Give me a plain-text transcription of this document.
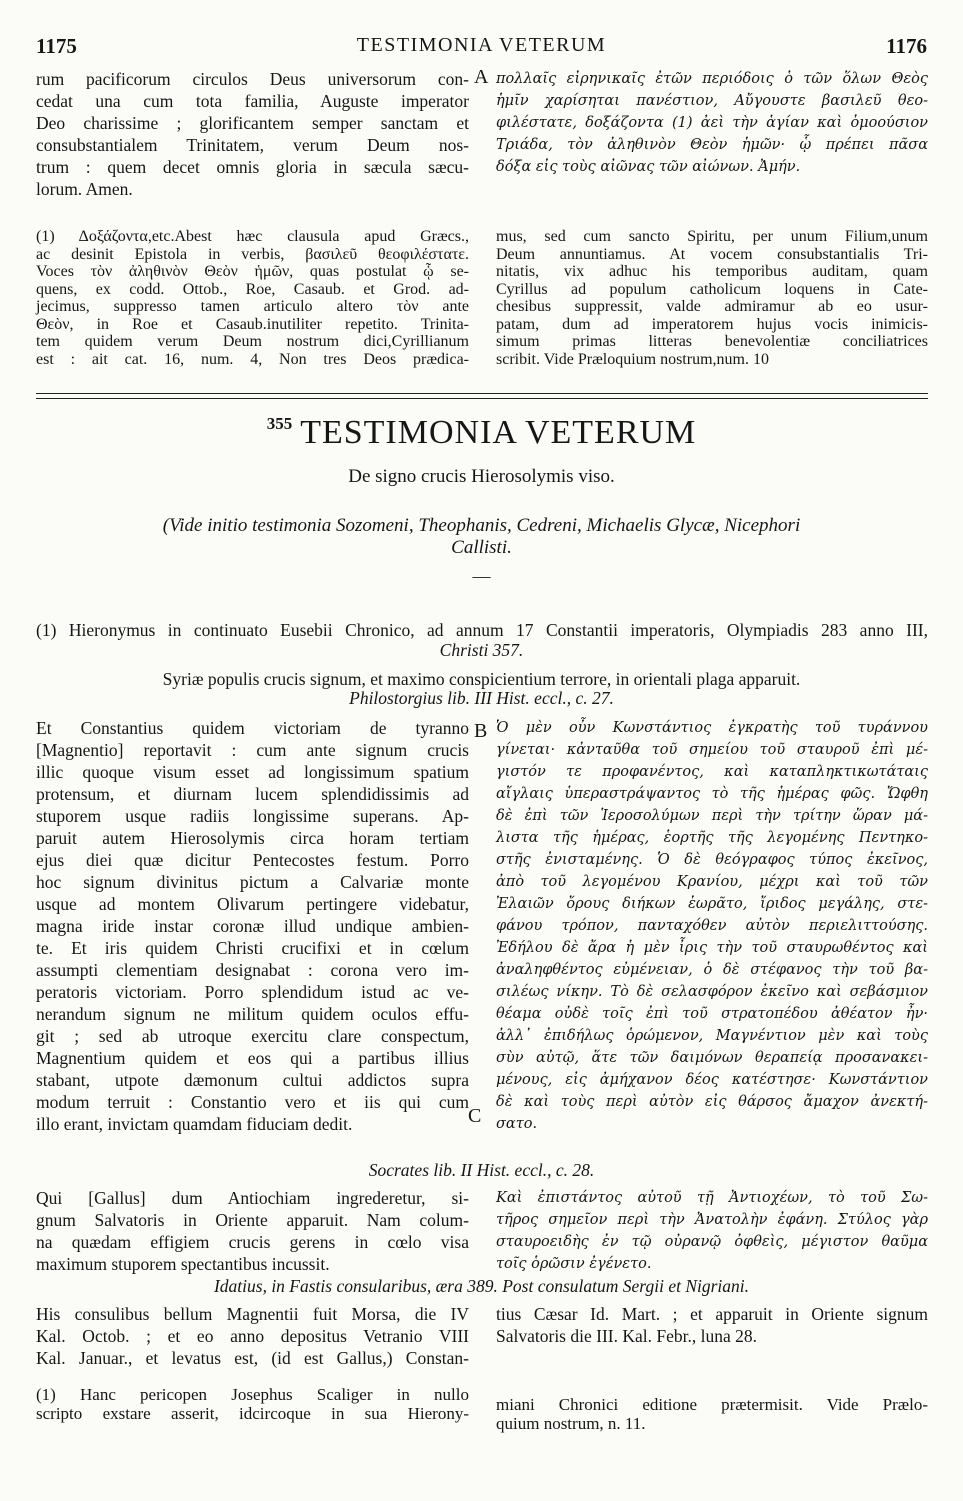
1175	TESTIMONIA VETERUM	1176
rum pacificorum circulos Deus universorum con-
cedat una cum tota familia, Auguste imperator
Deo charissime ; glorificantem semper sanctam et
consubstantialem Trinitatem, verum Deum nos-
trum : quem decet omnis gloria in sæcula sæcu-
lorum. Amen.
A πολλαῖς εἰρηνικαῖς ἐτῶν περιόδοις ὁ τῶν ὅλων Θεὸς
ἡμῖν χαρίσηται πανέστιον, Αὔγουστε βασιλεῦ θεο-
φιλέστατε, δοξάζοντα (1) ἀεὶ τὴν ἁγίαν καὶ ὁμοούσιον
Τριάδα, τὸν ἀληθινὸν Θεὸν ἡμῶν· ᾧ πρέπει πᾶσα
δόξα εἰς τοὺς αἰῶνας τῶν αἰώνων. Ἀμήν.
(1) Δοξάζοντα,etc.Abest hæc clausula apud Græcs.,
ac desinit Epistola in verbis, βασιλεῦ θεοφιλέστατε.
Voces τὸν ἀληθινὸν Θεὸν ἡμῶν, quas postulat ᾧ se-
quens, ex codd. Ottob., Roe, Casaub. et Grod. ad-
jecimus, suppresso tamen articulo altero τὸν ante
Θεὸν, in Roe et Casaub.inutiliter repetito. Trinita-
tem quidem verum Deum nostrum dici,Cyrillianum
est : ait cat. 16, num. 4, Non tres Deos prædica-
mus, sed cum sancto Spiritu, per unum Filium,unum
Deum annuntiamus. At vocem consubstantialis Tri-
nitatis, vix adhuc his temporibus auditam, quam
Cyrillus ad populum catholicum loquens in Cate-
chesibus suppressit, valde admiramur ab eo usur-
patam, dum ad imperatorem hujus vocis inimicis-
simum primas litteras benevolentiæ conciliatrices
scribit. Vide Præloquium nostrum,num. 10
355 TESTIMONIA VETERUM
De signo crucis Hierosolymis viso.
(Vide initio testimonia Sozomeni, Theophanis, Cedreni, Michaelis Glycæ, Nicephori
Callisti.
—
(1) Hieronymus in continuato Eusebii Chronico, ad annum 17 Constantii imperatoris, Olympiadis 283 anno III,
Christi 357.
Syriæ populis crucis signum, et maximo conspicientium terrore, in orientali plaga apparuit.
Philostorgius lib. III Hist. eccl., c. 27.
Et Constantius quidem victoriam de tyranno
[Magnentio] reportavit : cum ante signum crucis
illic quoque visum esset ad longissimum spatium
protensum, et diurnam lucem splendidissimis ad
stuporem usque radiis longissime superans. Ap-
paruit autem Hierosolymis circa horam tertiam
ejus diei quæ dicitur Pentecostes festum. Porro
hoc signum divinitus pictum a Calvariæ monte
usque ad montem Olivarum pertingere videbatur,
magna iride instar coronæ illud undique ambien-
te. Et iris quidem Christi crucifixi et in cœlum
assumpti clementiam designabat : corona vero im-
peratoris victoriam. Porro splendidum istud ac ve-
nerandum signum ne militum quidem oculos effu-
git ; sed ab utroque exercitu clare conspectum,
Magnentium quidem et eos qui a partibus illius
stabant, utpote dæmonum cultui addictos supra
modum terruit : Constantio vero et iis qui cum
illo erant, invictam quamdam fiduciam dedit.
B
C
Ὁ μὲν οὖν Κωνστάντιος ἐγκρατὴς τοῦ τυράννου
γίνεται· κἀνταῦθα τοῦ σημείου τοῦ σταυροῦ ἐπὶ μέ-
γιστόν τε προφανέντος, καὶ καταπληκτικωτάταις
αἴγλαις ὑπεραστράψαντος τὸ τῆς ἡμέρας φῶς. Ὤφθη
δὲ ἐπὶ τῶν Ἱεροσολύμων περὶ τὴν τρίτην ὥραν μά-
λιστα τῆς ἡμέρας, ἑορτῆς τῆς λεγομένης Πεντηκο-
στῆς ἐνισταμένης. Ὁ δὲ θεόγραφος τύπος ἐκεῖνος,
ἀπὸ τοῦ λεγομένου Κρανίου, μέχρι καὶ τοῦ τῶν
Ἐλαιῶν ὄρους διήκων ἑωρᾶτο, ἴριδος μεγάλης, στε-
φάνου τρόπον, πανταχόθεν αὐτὸν περιελιττούσης.
Ἐδήλου δὲ ἄρα ἡ μὲν ἶρις τὴν τοῦ σταυρωθέντος καὶ
ἀναληφθέντος εὐμένειαν, ὁ δὲ στέφανος τὴν τοῦ βα-
σιλέως νίκην. Τὸ δὲ σελασφόρον ἐκεῖνο καὶ σεβάσμιον
θέαμα οὐδὲ τοῖς ἐπὶ τοῦ στρατοπέδου ἀθέατον ἦν·
ἀλλ᾽ ἐπιδήλως ὁρώμενον, Μαγνέντιον μὲν καὶ τοὺς
σὺν αὐτῷ, ἅτε τῶν δαιμόνων θεραπείᾳ προσανακει-
μένους, εἰς ἀμήχανον δέος κατέστησε· Κωνστάντιον
δὲ καὶ τοὺς περὶ αὐτὸν εἰς θάρσος ἄμαχον ἀνεκτή-
σατο.
Socrates lib. II Hist. eccl., c. 28.
Qui [Gallus] dum Antiochiam ingrederetur, si-
gnum Salvatoris in Oriente apparuit. Nam colum-
na quædam effigiem crucis gerens in cœlo visa
maximum stuporem spectantibus incussit.
Καὶ ἐπιστάντος αὐτοῦ τῇ Ἀντιοχέων, τὸ τοῦ Σω-
τῆρος σημεῖον περὶ τὴν Ἀνατολὴν ἐφάνη. Στύλος γὰρ
σταυροειδὴς ἐν τῷ οὐρανῷ ὀφθεὶς, μέγιστον θαῦμα
τοῖς ὁρῶσιν ἐγένετο.
Idatius, in Fastis consularibus, æra 389. Post consulatum Sergii et Nigriani.
His consulibus bellum Magnentii fuit Morsa, die IV
Kal. Octob. ; et eo anno depositus Vetranio VIII
Kal. Januar., et levatus est, (id est Gallus,) Constan-
tius Cæsar Id. Mart. ; et apparuit in Oriente signum
Salvatoris die III. Kal. Febr., luna 28.
(1) Hanc pericopen Josephus Scaliger in nullo
scripto exstare asserit, idcircoque in sua Hierony- miani Chronici editione prætermisit. Vide Prælo-
quium nostrum, n. 11.
